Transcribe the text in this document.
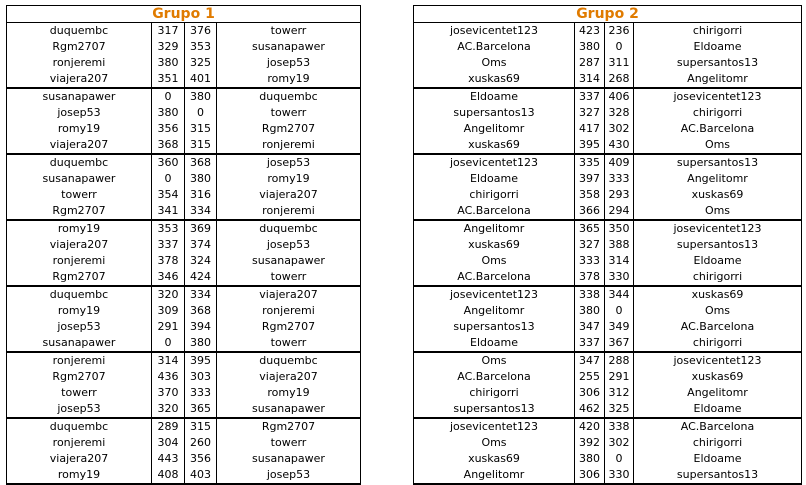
Grupo 1
duquembc	317	376	towerr
Rgm2707	329	353	susanapawer
ronjeremi	380	325	josep53
viajera207	351	401	romy19
susanapawer	0	380	duquembc
josep53	380	0	towerr
romy19	356	315	Rgm2707
viajera207	368	315	ronjeremi
duquembc	360	368	josep53
susanapawer	0	380	romy19
towerr	354	316	viajera207
Rgm2707	341	334	ronjeremi
romy19	353	369	duquembc
viajera207	337	374	josep53
ronjeremi	378	324	susanapawer
Rgm2707	346	424	towerr
duquembc	320	334	viajera207
romy19	309	368	ronjeremi
josep53	291	394	Rgm2707
susanapawer	0	380	towerr
ronjeremi	314	395	duquembc
Rgm2707	436	303	viajera207
towerr	370	333	romy19
josep53	320	365	susanapawer
duquembc	289	315	Rgm2707
ronjeremi	304	260	towerr
viajera207	443	356	susanapawer
romy19	408	403	josep53
Grupo 2
josevicentet123	423 236	chirigorri
AC.Barcelona	380	0	Eldoame
Oms	287 311	supersantos13
xuskas69	314 268	Angelitomr
Eldoame	337 406	josevicentet123
supersantos13	327 328	chirigorri
Angelitomr	417 302	AC.Barcelona
xuskas69	395 430	Oms
josevicentet123	335 409	supersantos13
Eldoame	397 333	Angelitomr
chirigorri	358 293	xuskas69
AC.Barcelona	366 294	Oms
Angelitomr	365 350	josevicentet123
xuskas69	327 388	supersantos13
Oms	333 314	Eldoame
AC.Barcelona	378 330	chirigorri
josevicentet123	338 344	xuskas69
Angelitomr	380	0	Oms
supersantos13	347 349	AC.Barcelona
Eldoame	337 367	chirigorri
Oms	347 288	josevicentet123
AC.Barcelona	255 291	xuskas69
chirigorri	306 312	Angelitomr
supersantos13	462 325	Eldoame
josevicentet123	420 338	AC.Barcelona
Oms	392 302	chirigorri
xuskas69	380	0	Eldoame
Angelitomr	306 330	supersantos13
